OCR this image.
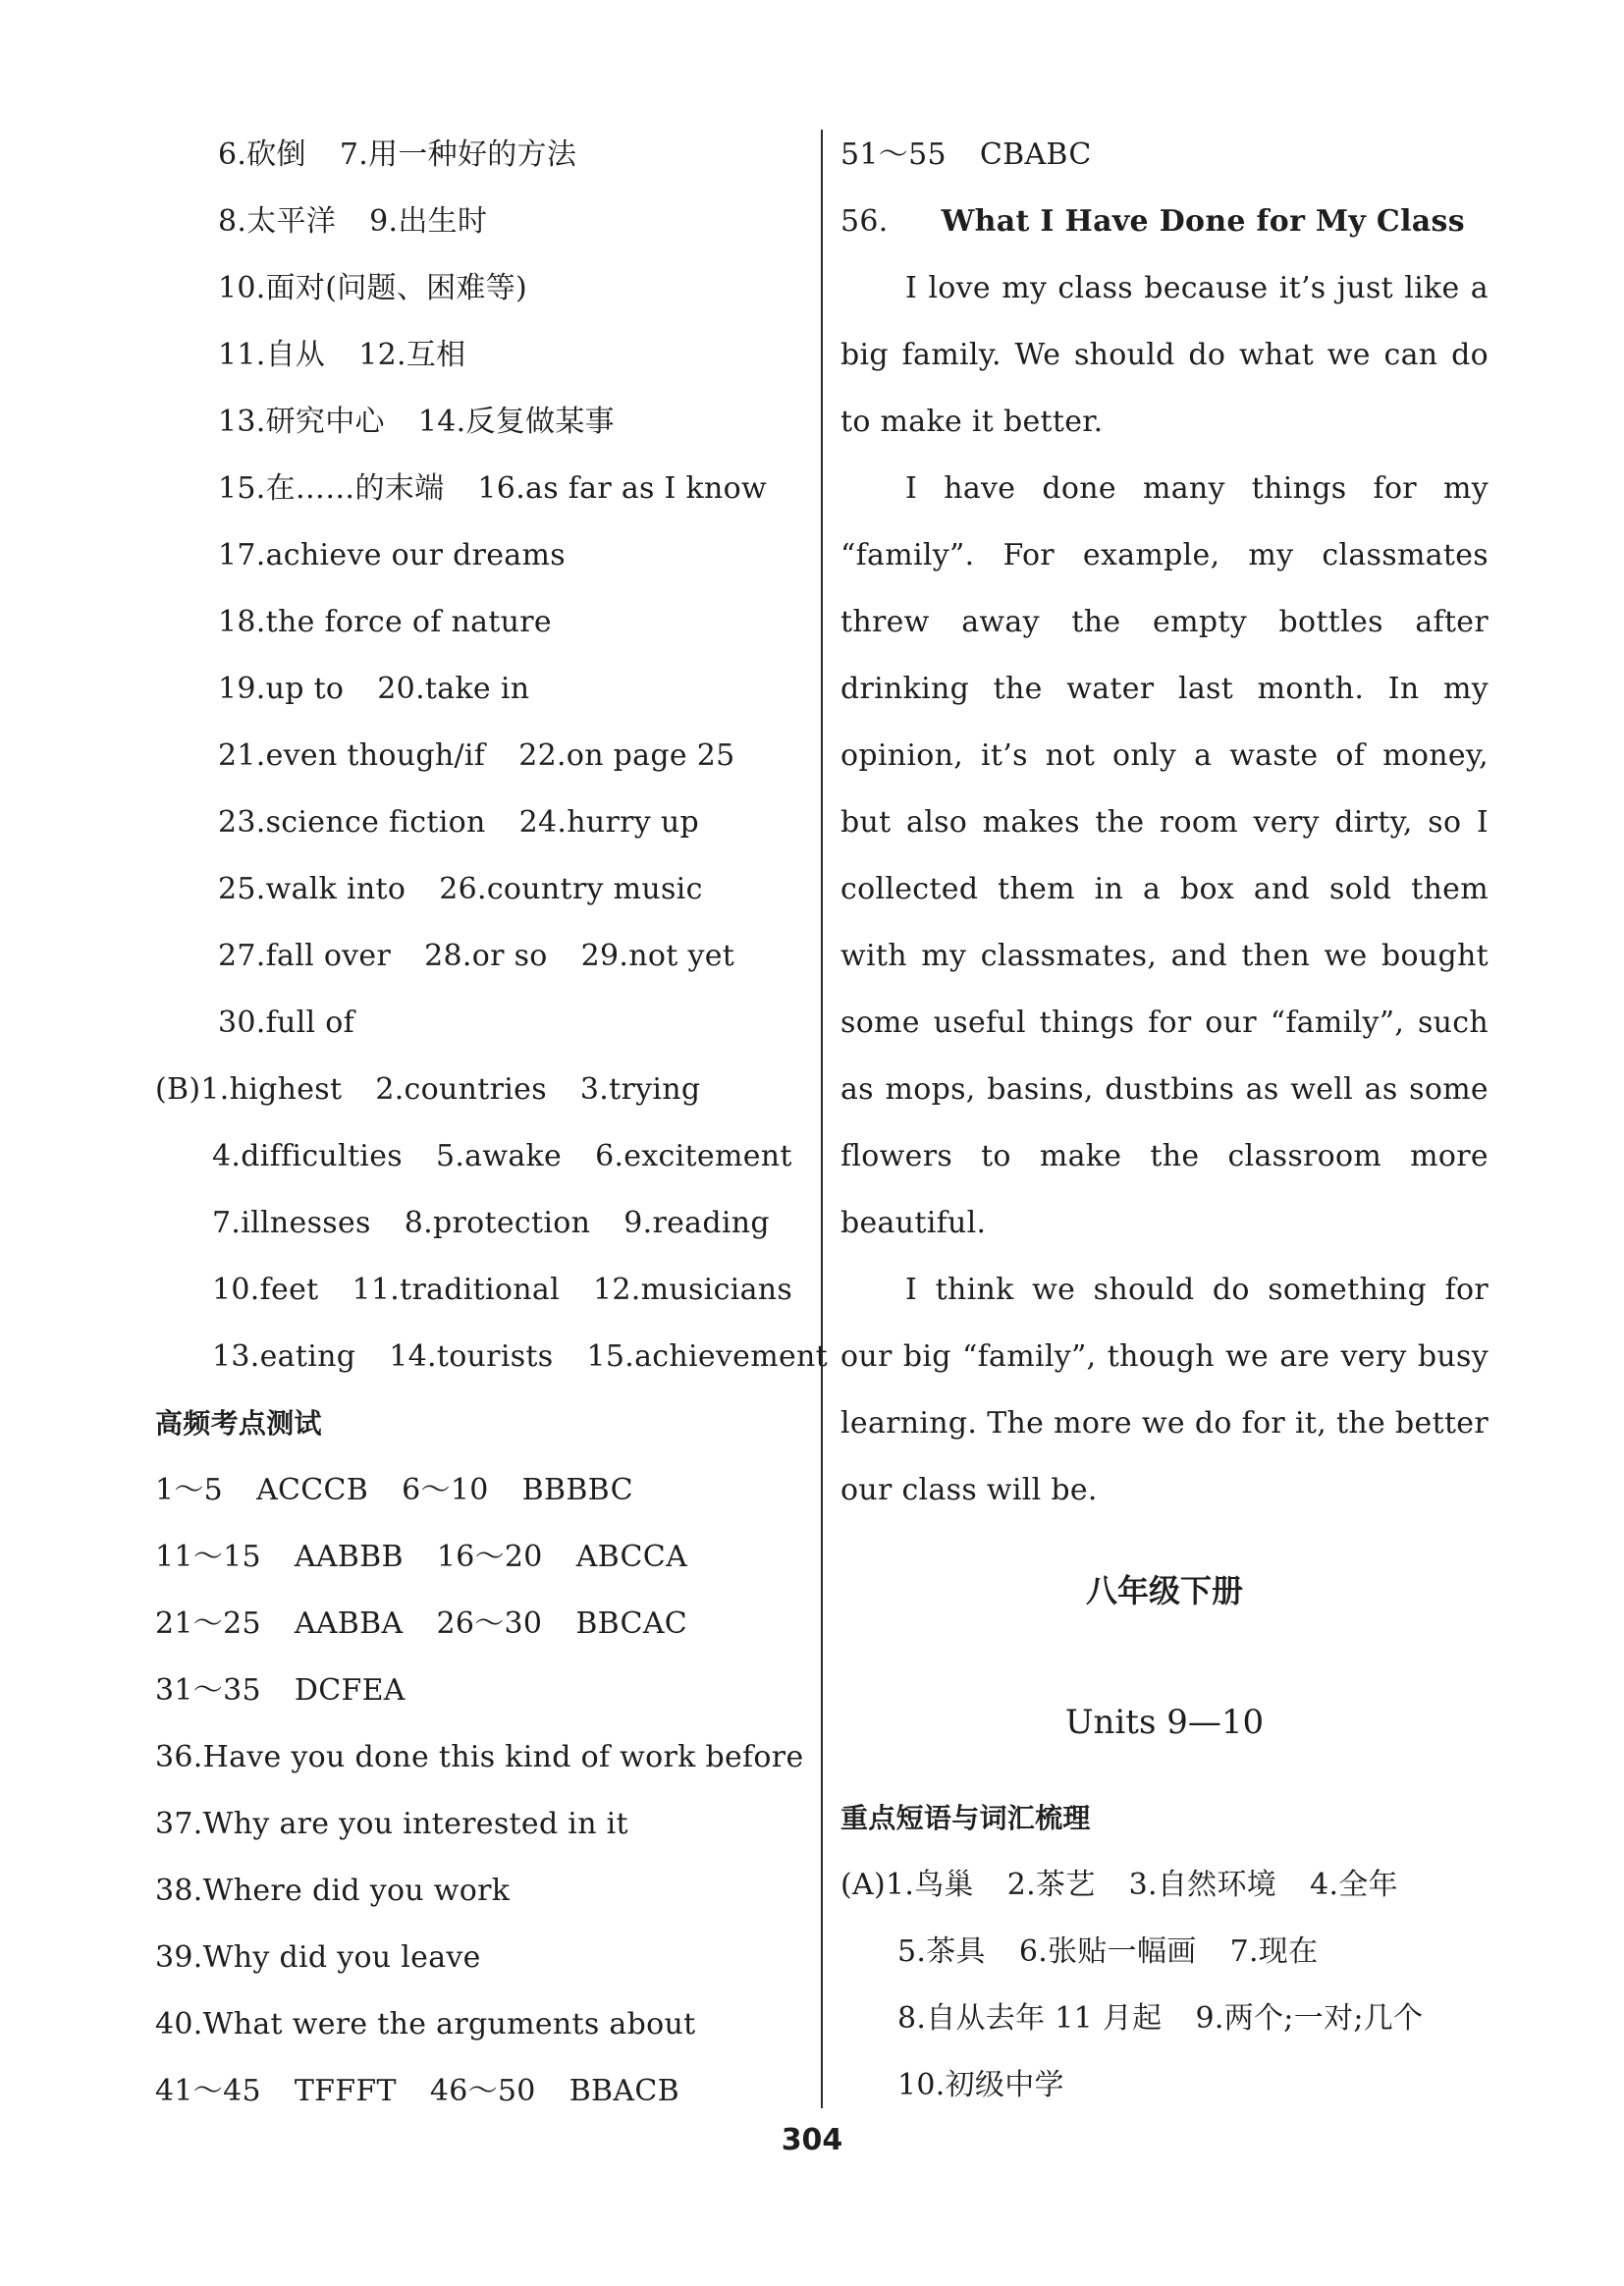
6.砍倒 7.用一种好的方法
8.太平洋 9.出生时
10.面对(问题、困难等)
11.自从 12.互相
13.研究中心 14.反复做某事
15.在……的末端 16.as far as I know
17.achieve our dreams
18.the force of nature
19.up to 20.take in
21.even though/if 22.on page 25
23.science fiction 24.hurry up
25.walk into 26.country music
27.fall over 28.or so 29.not yet
30.full of
(B)1.highest 2.countries 3.trying
4.difficulties 5.awake 6.excitement
7.illnesses 8.protection 9.reading
10.feet 11.traditional 12.musicians
13.eating 14.tourists 15.achievement
高频考点测试
1～5 ACCCB 6～10 BBBBC
11～15 AABBB 16～20 ABCCA
21～25 AABBA 26～30 BBCAC
31～35 DCFEA
36.Have you done this kind of work before
37.Why are you interested in it
38.Where did you work
39.Why did you leave
40.What were the arguments about
41～45 TFFFT 46～50 BBACB
51～55 CBABC
56. What I Have Done for My Class

I love my class because it’s just like a big family. We should do what we can do to make it better.

I have done many things for my “family”. For example, my classmates threw away the empty bottles after drinking the water last month. In my opinion, it’s not only a waste of money, but also makes the room very dirty, so I collected them in a box and sold them with my classmates, and then we bought some useful things for our “family”, such as mops, basins, dustbins as well as some flowers to make the classroom more beautiful.

I think we should do something for our big “family”, though we are very busy learning. The more we do for it, the better our class will be.

八年级下册
Units 9—10
重点短语与词汇梳理
(A)1.鸟巢 2.茶艺 3.自然环境 4.全年
5.茶具 6.张贴一幅画 7.现在
8.自从去年 11 月起 9.两个;一对;几个
10.初级中学
304
